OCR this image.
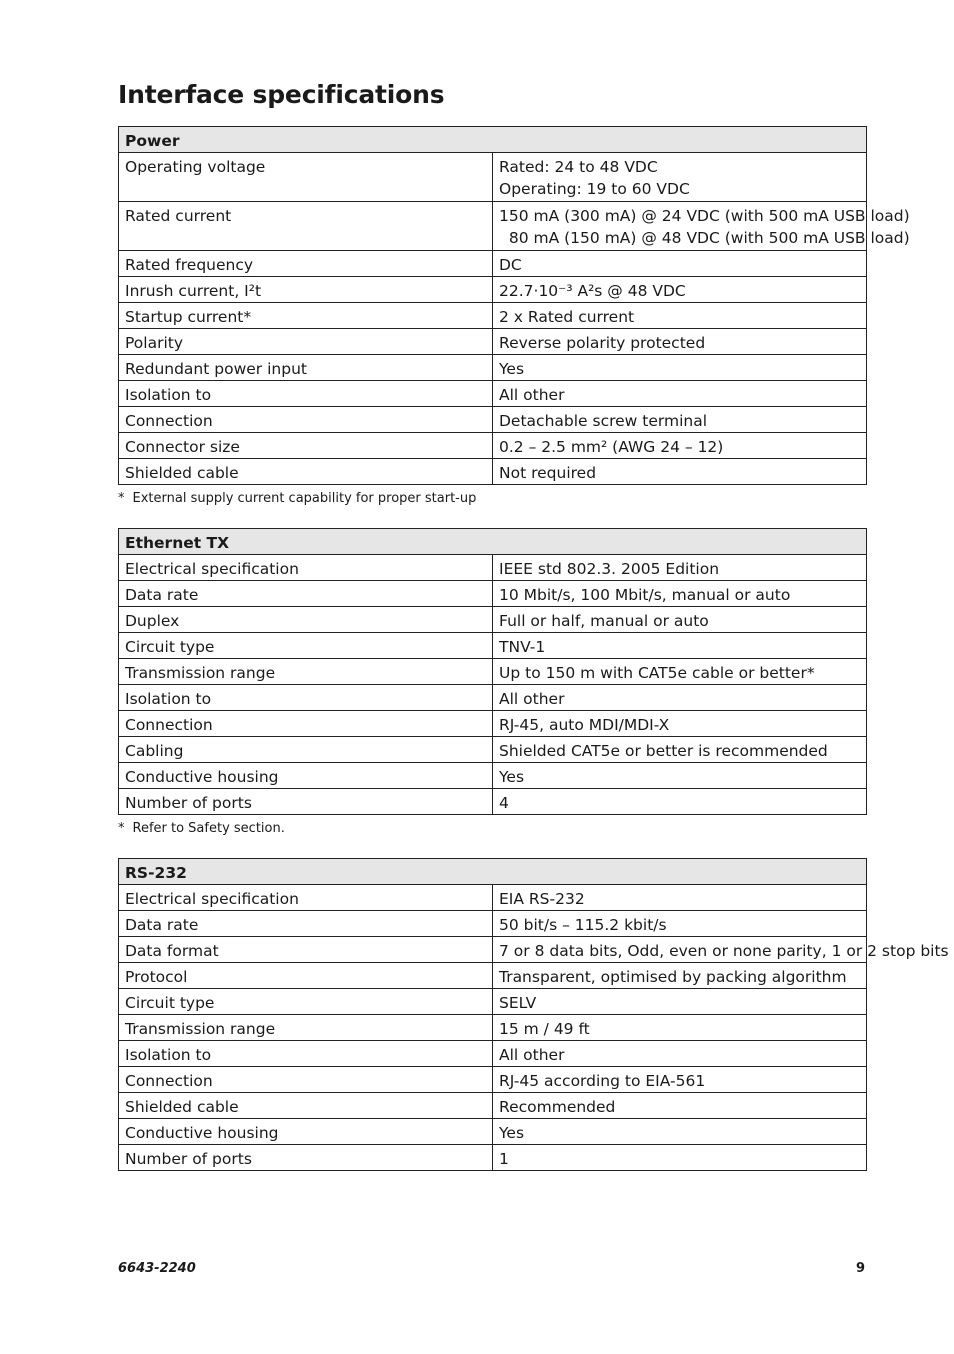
Interface specifications
Power	
Operating voltage	Rated: 24 to 48 VDC
Operating: 19 to 60 VDC

Rated current	150 mA (300 mA) @ 24 VDC (with 500 mA USB load)
80 mA (150 mA) @ 48 VDC (with 500 mA USB load)

Rated frequency	DC

Inrush current, I²t	22.7·10⁻³ A²s @ 48 VDC

Startup current*	2 x Rated current

Polarity	Reverse polarity protected

Redundant power input	Yes

Isolation to	All other

Connection	Detachable screw terminal

Connector size	0.2 – 2.5 mm² (AWG 24 – 12)

Shielded cable	Not required
* External supply current capability for proper start-up
Ethernet TX	
Electrical specification	IEEE std 802.3. 2005 Edition

Data rate	10 Mbit/s, 100 Mbit/s, manual or auto

Duplex	Full or half, manual or auto

Circuit type	TNV-1

Transmission range	Up to 150 m with CAT5e cable or better*

Isolation to	All other

Connection	RJ-45, auto MDI/MDI-X

Cabling	Shielded CAT5e or better is recommended

Conductive housing	Yes

Number of ports	4
* Refer to Safety section.
RS-232	
Electrical specification	EIA RS-232

Data rate	50 bit/s – 115.2 kbit/s

Data format	7 or 8 data bits, Odd, even or none parity, 1 or 2 stop bits

Protocol	Transparent, optimised by packing algorithm

Circuit type	SELV

Transmission range	15 m / 49 ft

Isolation to	All other

Connection	RJ-45 according to EIA-561

Shielded cable	Recommended

Conductive housing	Yes

Number of ports	1
6643-2240	9
